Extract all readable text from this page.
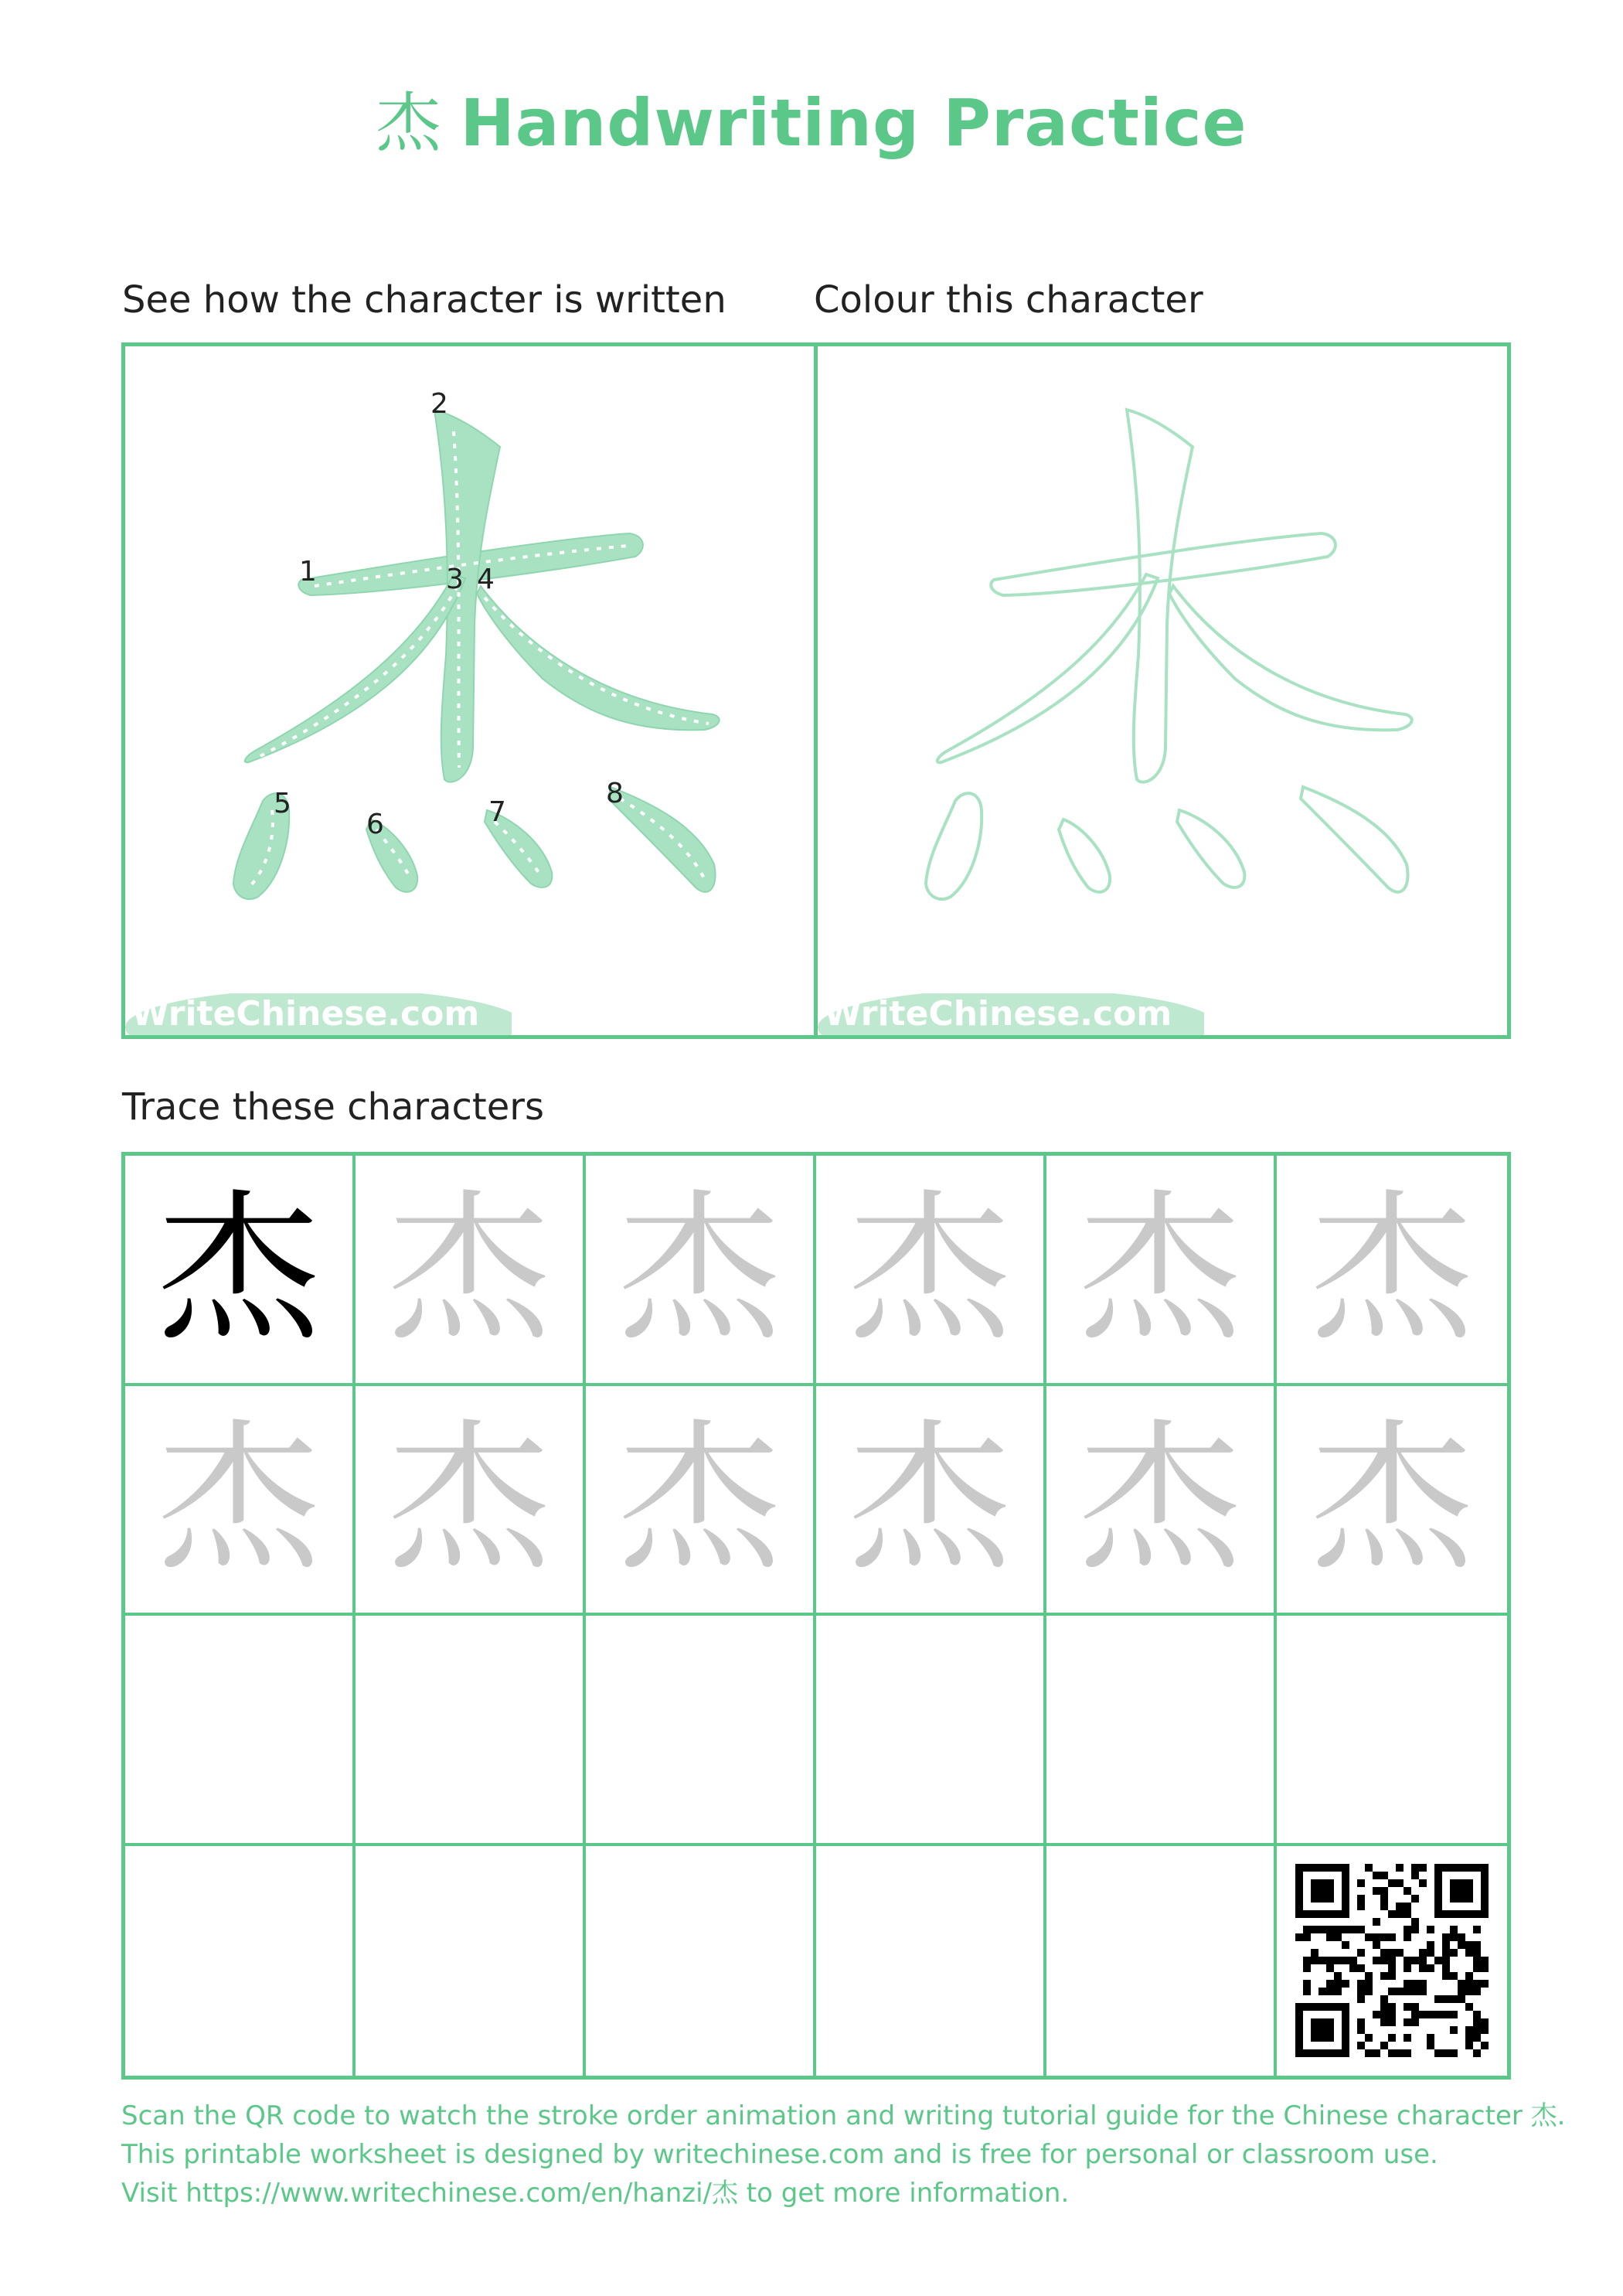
杰 Handwriting Practice
See how the character is written Colour this character
1
2
3 4
5
6	7
8
WriteChinese.com	WriteChinese.com
Trace these characters
杰 杰 杰 杰 杰 杰
杰 杰 杰 杰 杰 杰
Scan the QR code to watch the stroke order animation and writing tutorial guide for the Chinese character 杰.
This printable worksheet is designed by writechinese.com and is free for personal or classroom use.
Visit https://www.writechinese.com/en/hanzi/杰 to get more information.
